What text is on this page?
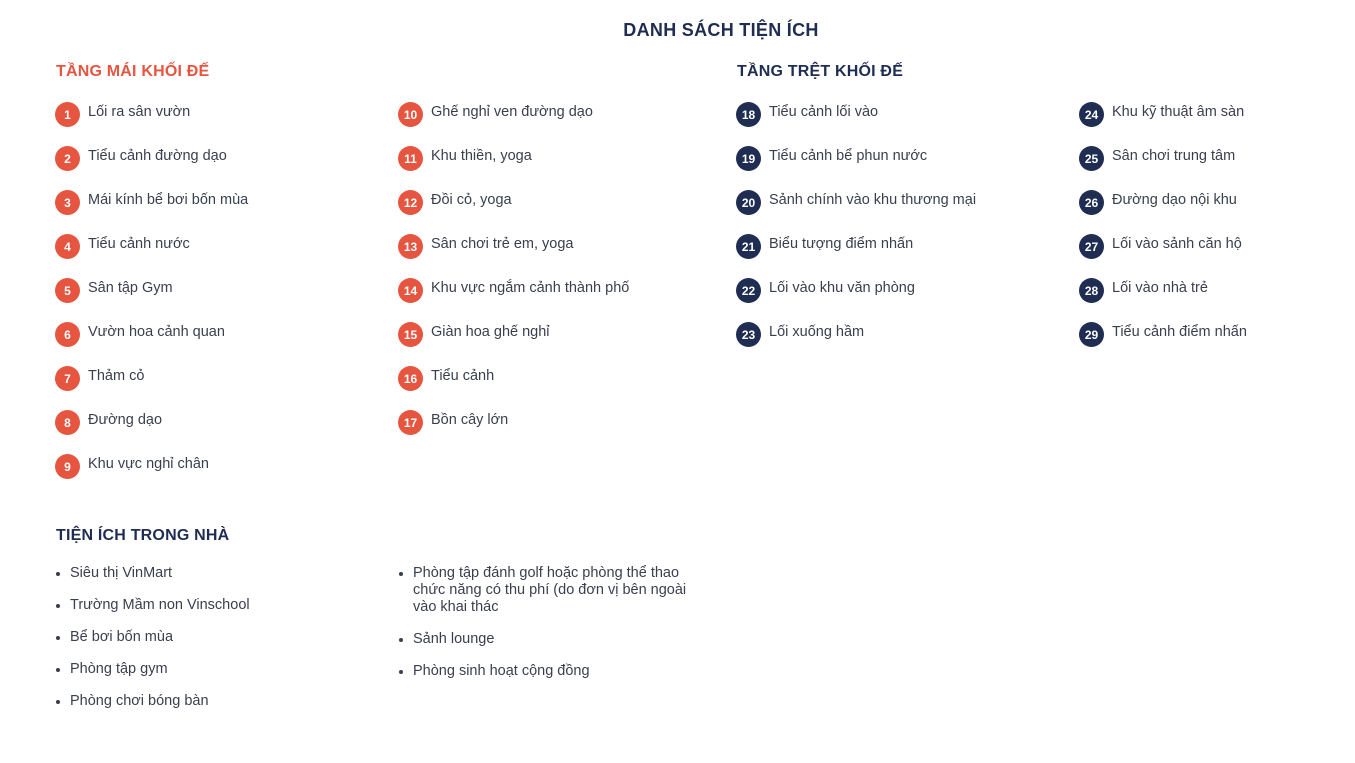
DANH SÁCH TIỆN ÍCH
TẦNG MÁI KHỐI ĐẾ
1	Lối ra sân vườn
2	Tiểu cảnh đường dạo
3	Mái kính bể bơi bốn mùa
4	Tiểu cảnh nước
5	Sân tập Gym
6	Vườn hoa cảnh quan
7	Thảm cỏ
8	Đường dạo
9	Khu vực nghỉ chân
10 Ghế nghỉ ven đường dạo
11 Khu thiền, yoga
12 Đồi cỏ, yoga
13 Sân chơi trẻ em, yoga
14 Khu vực ngắm cảnh thành phố
15 Giàn hoa ghế nghỉ
16 Tiểu cảnh
17 Bồn cây lớn
TẦNG TRỆT KHỐI ĐẾ
18 Tiểu cảnh lối vào
19 Tiểu cảnh bể phun nước
20 Sảnh chính vào khu thương mại
21 Biểu tượng điểm nhấn
22 Lối vào khu văn phòng
23 Lối xuống hầm
24 Khu kỹ thuật âm sàn
25 Sân chơi trung tâm
26 Đường dạo nội khu
27 Lối vào sảnh căn hộ
28 Lối vào nhà trẻ
29 Tiểu cảnh điểm nhấn
TIỆN ÍCH TRONG NHÀ
Siêu thị VinMart
Trường Mầm non Vinschool
Bể bơi bốn mùa
Phòng tập gym
Phòng chơi bóng bàn
Phòng tập đánh golf hoặc phòng thể thao chức năng có thu phí (do đơn vị bên ngoài vào khai thác
Sảnh lounge
Phòng sinh hoạt cộng đồng
